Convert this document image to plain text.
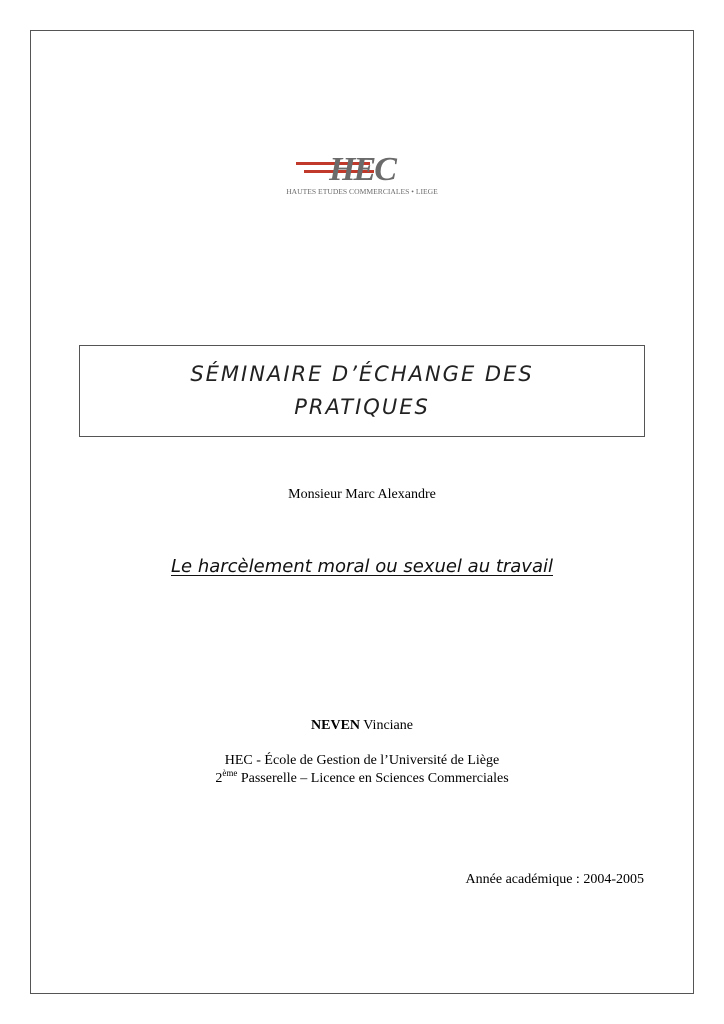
HEC
HAUTES ETUDES COMMERCIALES • LIEGE
SÉMINAIRE D’ÉCHANGE DES
PRATIQUES
Monsieur Marc Alexandre
Le harcèlement moral ou sexuel au travail
NEVEN Vinciane
HEC - École de Gestion de l’Université de Liège
2ème Passerelle – Licence en Sciences Commerciales
Année académique : 2004-2005
